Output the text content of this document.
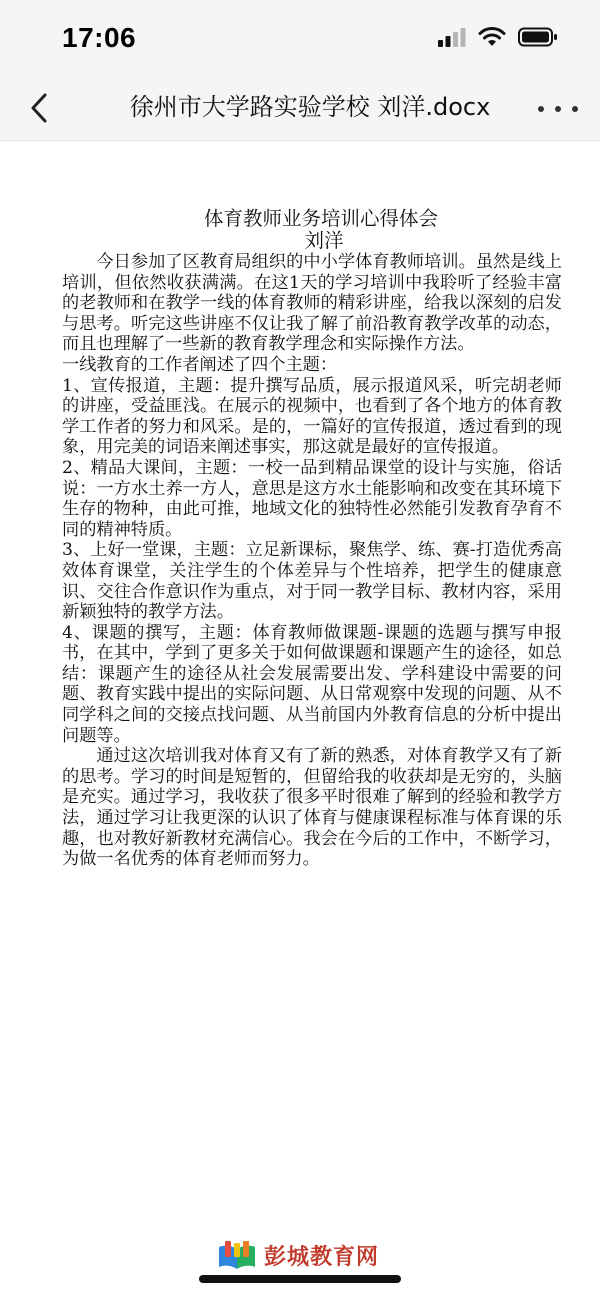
17:06
徐州市大学路实验学校 刘洋.docx
体育教师业务培训心得体会
刘洋

今日参加了区教育局组织的中小学体育教师培训。虽然是线上培训，但依然收获满满。在这1天的学习培训中我聆听了经验丰富的老教师和在教学一线的体育教师的精彩讲座，给我以深刻的启发与思考。听完这些讲座不仅让我了解了前沿教育教学改革的动态，而且也理解了一些新的教育教学理念和实际操作方法。

一线教育的工作者阐述了四个主题：

1、宣传报道，主题：提升撰写品质，展示报道风采，听完胡老师的讲座，受益匪浅。在展示的视频中，也看到了各个地方的体育教学工作者的努力和风采。是的，一篇好的宣传报道，透过看到的现象，用完美的词语来阐述事实，那这就是最好的宣传报道。

2、精品大课间，主题：一校一品到精品课堂的设计与实施，俗话说：一方水土养一方人，意思是这方水土能影响和改变在其环境下生存的物种，由此可推，地域文化的独特性必然能引发教育孕育不同的精神特质。

3、上好一堂课，主题：立足新课标，聚焦学、练、赛-打造优秀高效体育课堂，关注学生的个体差异与个性培养，把学生的健康意识、交往合作意识作为重点，对于同一教学目标、教材内容，采用新颖独特的教学方法。

4、课题的撰写，主题：体育教师做课题-课题的选题与撰写申报书，在其中，学到了更多关于如何做课题和课题产生的途径，如总结：课题产生的途径从社会发展需要出发、学科建设中需要的问题、教育实践中提出的实际问题、从日常观察中发现的问题、从不同学科之间的交接点找问题、从当前国内外教育信息的分析中提出问题等。

通过这次培训我对体育又有了新的熟悉，对体育教学又有了新的思考。学习的时间是短暂的，但留给我的收获却是无穷的，头脑是充实。通过学习，我收获了很多平时很难了解到的经验和教学方法，通过学习让我更深的认识了体育与健康课程标准与体育课的乐趣，也对教好新教材充满信心。我会在今后的工作中，不断学习，为做一名优秀的体育老师而努力。

彭城教育网
